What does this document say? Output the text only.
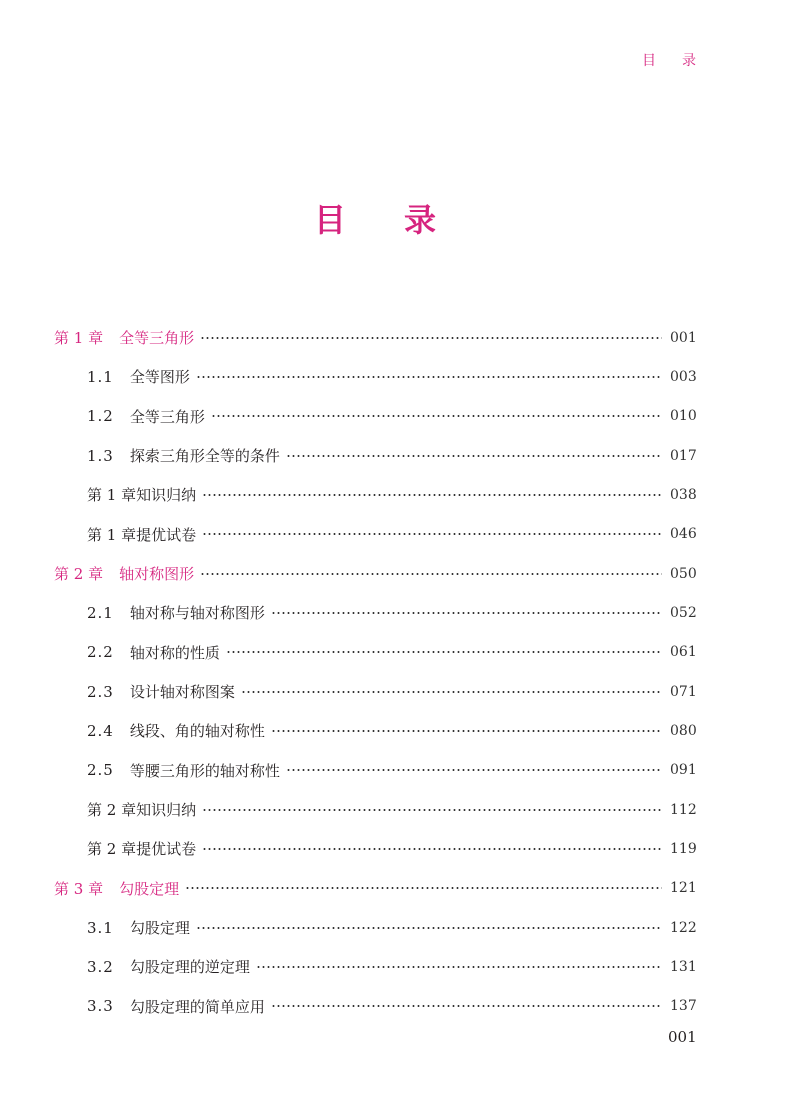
目 录
目 录
第 1 章 全等三角形	001
1.1 全等图形	003
1.2 全等三角形	010
1.3 探索三角形全等的条件	017
第 1 章知识归纳	038
第 1 章提优试卷	046
第 2 章 轴对称图形	050
2.1 轴对称与轴对称图形	052
2.2 轴对称的性质	061
2.3 设计轴对称图案	071
2.4 线段、角的轴对称性	080
2.5 等腰三角形的轴对称性	091
第 2 章知识归纳	112
第 2 章提优试卷	119
第 3 章 勾股定理	121
3.1 勾股定理	122
3.2 勾股定理的逆定理	131
3.3 勾股定理的简单应用	137
001
